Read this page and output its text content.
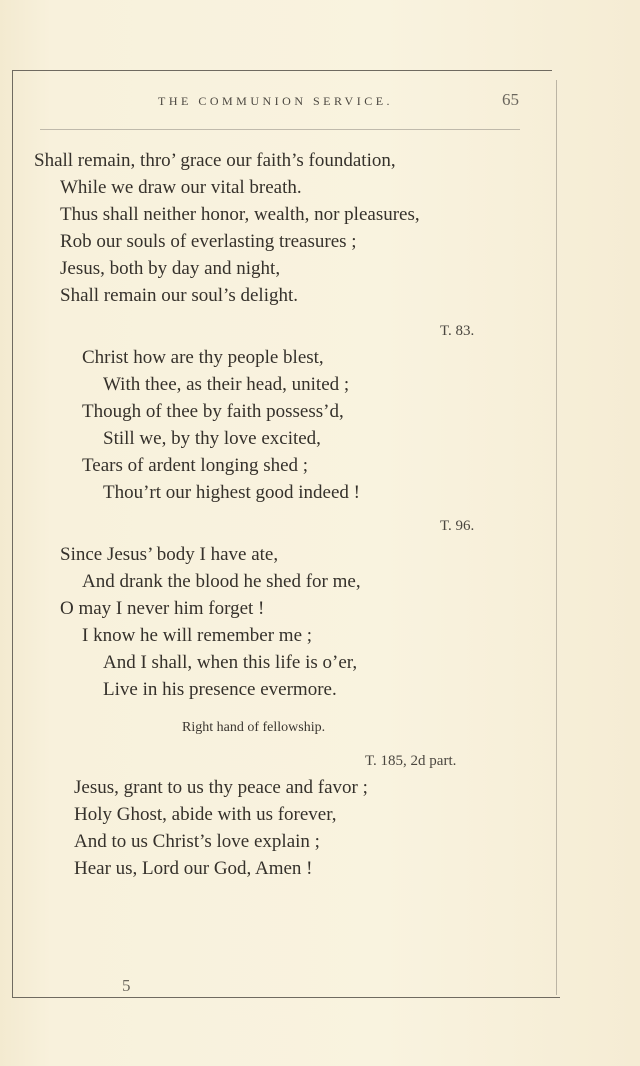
THE COMMUNION SERVICE.	65
Shall remain, thro’ grace our faith’s foundation,
While we draw our vital breath.
Thus shall neither honor, wealth, nor pleasures,
Rob our souls of everlasting treasures ;
Jesus, both by day and night,
Shall remain our soul’s delight.
T. 83.
Christ how are thy people blest,
With thee, as their head, united ;
Though of thee by faith possess’d,
Still we, by thy love excited,
Tears of ardent longing shed ;
Thou’rt our highest good indeed !
T. 96.
Since Jesus’ body I have ate,
And drank the blood he shed for me,
O may I never him forget !
I know he will remember me ;
And I shall, when this life is o’er,
Live in his presence evermore.
Right hand of fellowship.
T. 185, 2d part.
Jesus, grant to us thy peace and favor ;
Holy Ghost, abide with us forever,
And to us Christ’s love explain ;
Hear us, Lord our God, Amen !
5
